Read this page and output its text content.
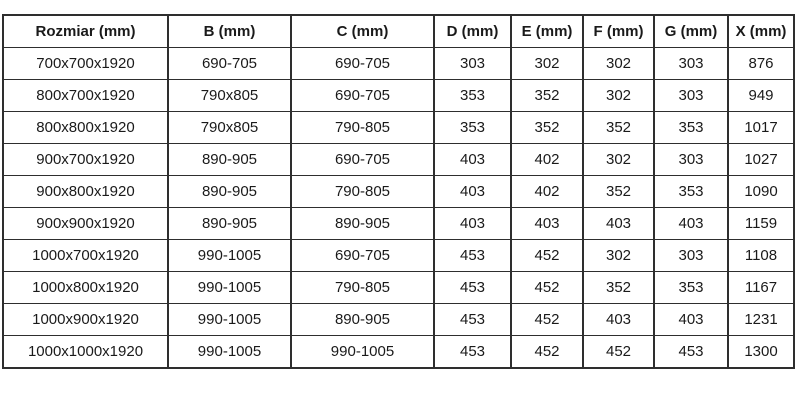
Rozmiar (mm)	B (mm)	C (mm)	D (mm)	E (mm)	F (mm)	G (mm)	X (mm)
700x700x1920	690-705	690-705	303	302	302	303	876
800x700x1920	790x805	690-705	353	352	302	303	949
800x800x1920	790x805	790-805	353	352	352	353	1017
900x700x1920	890-905	690-705	403	402	302	303	1027
900x800x1920	890-905	790-805	403	402	352	353	1090
900x900x1920	890-905	890-905	403	403	403	403	1159
1000x700x1920	990-1005	690-705	453	452	302	303	1108
1000x800x1920	990-1005	790-805	453	452	352	353	1167
1000x900x1920	990-1005	890-905	453	452	403	403	1231
1000x1000x1920	990-1005	990-1005	453	452	452	453	1300
